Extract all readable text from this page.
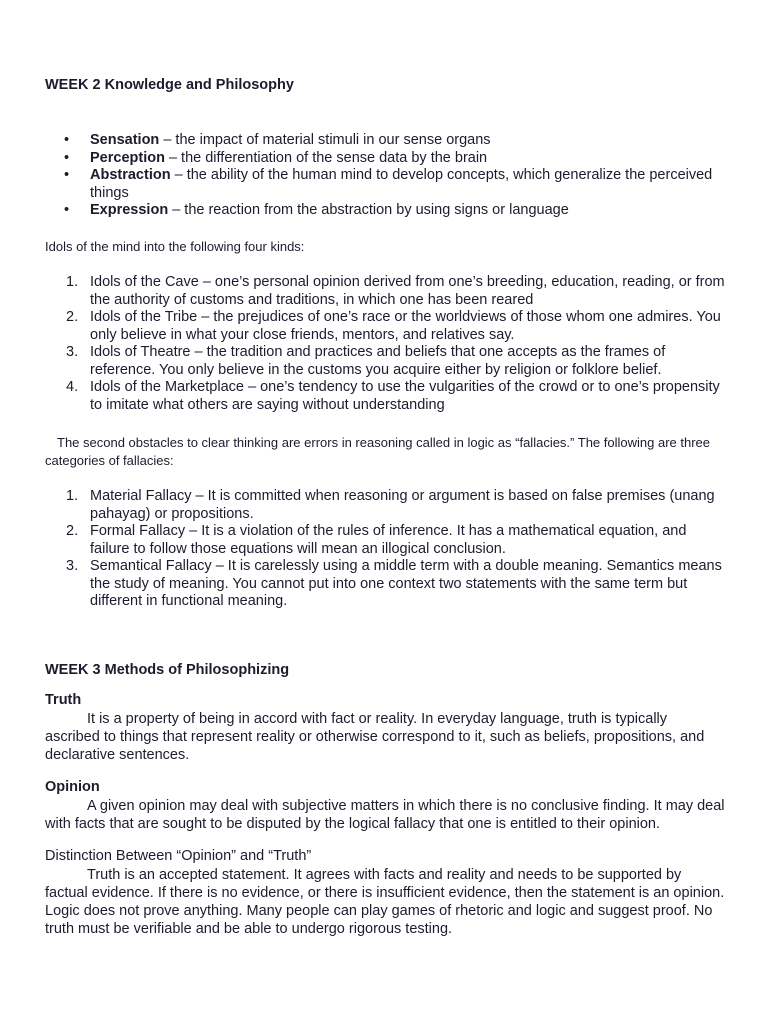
WEEK 2 Knowledge and Philosophy
• Sensation – the impact of material stimuli in our sense organs
• Perception – the differentiation of the sense data by the brain
• Abstraction – the ability of the human mind to develop concepts, which generalize the perceived things
• Expression – the reaction from the abstraction by using signs or language

Idols of the mind into the following four kinds:

1. Idols of the Cave – one’s personal opinion derived from one’s breeding, education, reading, or from the authority of customs and traditions, in which one has been reared
2. Idols of the Tribe – the prejudices of one’s race or the worldviews of those whom one admires. You only believe in what your close friends, mentors, and relatives say.
3. Idols of Theatre – the tradition and practices and beliefs that one accepts as the frames of reference. You only believe in the customs you acquire either by religion or folklore belief.
4. Idols of the Marketplace – one’s tendency to use the vulgarities of the crowd or to one’s propensity to imitate what others are saying without understanding

The second obstacles to clear thinking are errors in reasoning called in logic as “fallacies.” The following are three categories of fallacies:

1. Material Fallacy – It is committed when reasoning or argument is based on false premises (unang pahayag) or propositions.
2. Formal Fallacy – It is a violation of the rules of inference. It has a mathematical equation, and failure to follow those equations will mean an illogical conclusion.
3. Semantical Fallacy – It is carelessly using a middle term with a double meaning. Semantics means the study of meaning. You cannot put into one context two statements with the same term but different in functional meaning.
WEEK 3 Methods of Philosophizing
Truth

It is a property of being in accord with fact or reality. In everyday language, truth is typically ascribed to things that represent reality or otherwise correspond to it, such as beliefs, propositions, and declarative sentences.

Opinion

A given opinion may deal with subjective matters in which there is no conclusive finding. It may deal with facts that are sought to be disputed by the logical fallacy that one is entitled to their opinion.

Distinction Between “Opinion” and “Truth”

Truth is an accepted statement. It agrees with facts and reality and needs to be supported by factual evidence. If there is no evidence, or there is insufficient evidence, then the statement is an opinion. Logic does not prove anything. Many people can play games of rhetoric and logic and suggest proof. No truth must be verifiable and be able to undergo rigorous testing.
